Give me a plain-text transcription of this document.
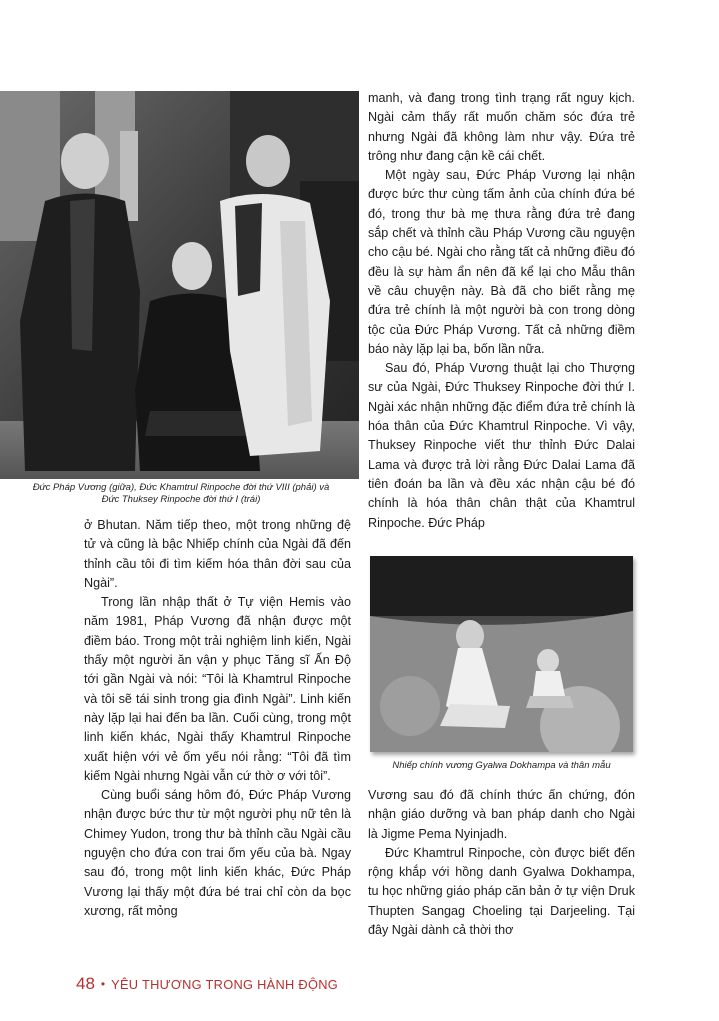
Đức Pháp Vương (giữa), Đức Khamtrul Rinpoche đời thứ VIII (phải) và
Đức Thuksey Rinpoche đời thứ I (trái)

ở Bhutan. Năm tiếp theo, một trong những đệ tử và cũng là bậc Nhiếp chính của Ngài đã đến thỉnh cầu tôi đi tìm kiếm hóa thân đời sau của Ngài”.

Trong lần nhập thất ở Tự viện Hemis vào năm 1981, Pháp Vương đã nhận được một điềm báo. Trong một trải nghiệm linh kiến, Ngài thấy một người ăn vận y phục Tăng sĩ Ấn Độ tới gần Ngài và nói: “Tôi là Khamtrul Rinpoche và tôi sẽ tái sinh trong gia đình Ngài”. Linh kiến này lặp lại hai đến ba lần. Cuối cùng, trong một linh kiến khác, Ngài thấy Khamtrul Rinpoche xuất hiện với vẻ ốm yếu nói rằng: “Tôi đã tìm kiếm Ngài nhưng Ngài vẫn cứ thờ ơ với tôi”.

Cùng buổi sáng hôm đó, Đức Pháp Vương nhận được bức thư từ một người phụ nữ tên là Chimey Yudon, trong thư bà thỉnh cầu Ngài cầu nguyện cho đứa con trai ốm yếu của bà. Ngay sau đó, trong một linh kiến khác, Đức Pháp Vương lại thấy một đứa bé trai chỉ còn da bọc xương, rất mỏng

manh, và đang trong tình trạng rất nguy kịch. Ngài cảm thấy rất muốn chăm sóc đứa trẻ nhưng Ngài đã không làm như vậy. Đứa trẻ trông như đang cận kề cái chết.

Một ngày sau, Đức Pháp Vương lại nhận được bức thư cùng tấm ảnh của chính đứa bé đó, trong thư bà mẹ thưa rằng đứa trẻ đang sắp chết và thỉnh cầu Pháp Vương cầu nguyện cho cậu bé. Ngài cho rằng tất cả những điều đó đều là sự hàm ẩn nên đã kể lại cho Mẫu thân về câu chuyện này. Bà đã cho biết rằng mẹ đứa trẻ chính là một người bà con trong dòng tộc của Đức Pháp Vương. Tất cả những điềm báo này lặp lại ba, bốn lần nữa.

Sau đó, Pháp Vương thuật lại cho Thượng sư của Ngài, Đức Thuksey Rinpoche đời thứ I. Ngài xác nhận những đặc điểm đứa trẻ chính là hóa thân của Đức Khamtrul Rinpoche. Vì vậy, Thuksey Rinpoche viết thư thỉnh Đức Dalai Lama và được trả lời rằng Đức Dalai Lama đã tiên đoán ba lần và đều xác nhận cậu bé đó chính là hóa thân chân thật của Khamtrul Rinpoche. Đức Pháp

Nhiếp chính vương Gyalwa Dokhampa và thân mẫu

Vương sau đó đã chính thức ấn chứng, đón nhận giáo dưỡng và ban pháp danh cho Ngài là Jigme Pema Nyinjadh.

Đức Khamtrul Rinpoche, còn được biết đến rộng khắp với hồng danh Gyalwa Dokhampa, tu học những giáo pháp căn bản ở tự viện Druk Thupten Sangag Choeling tại Darjeeling. Tại đây Ngài dành cả thời thơ

48 • YÊU THƯƠNG TRONG HÀNH ĐỘNG
